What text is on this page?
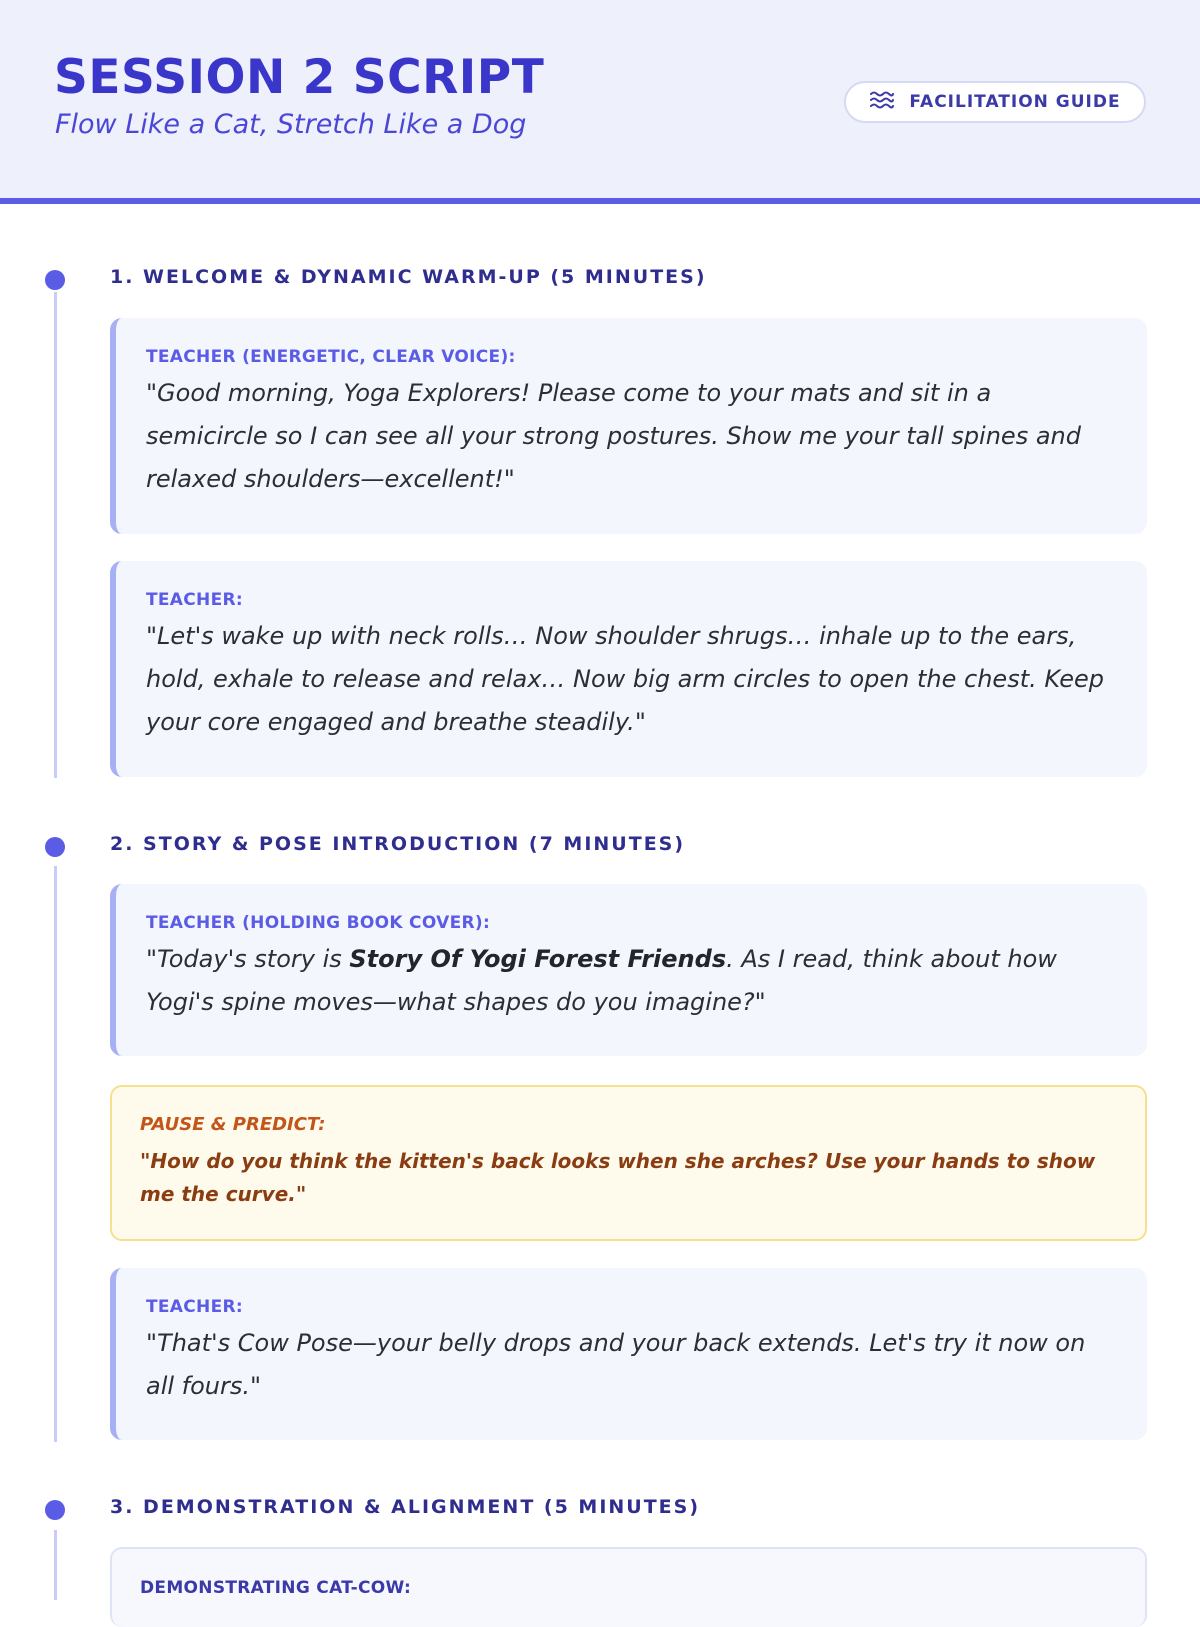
SESSION 2 SCRIPT
Flow Like a Cat, Stretch Like a Dog
FACILITATION GUIDE
1. WELCOME & DYNAMIC WARM-UP (5 MINUTES)
TEACHER (ENERGETIC, CLEAR VOICE):
"Good morning, Yoga Explorers! Please come to your mats and sit in a semicircle so I can see all your strong postures. Show me your tall spines and relaxed shoulders—excellent!"
TEACHER:
"Let's wake up with neck rolls… Now shoulder shrugs… inhale up to the ears, hold, exhale to release and relax… Now big arm circles to open the chest. Keep your core engaged and breathe steadily."
2. STORY & POSE INTRODUCTION (7 MINUTES)
TEACHER (HOLDING BOOK COVER):
"Today's story is Story Of Yogi Forest Friends. As I read, think about how Yogi's spine moves—what shapes do you imagine?"
PAUSE & PREDICT:
"How do you think the kitten's back looks when she arches? Use your hands to show me the curve."
TEACHER:
"That's Cow Pose—your belly drops and your back extends. Let's try it now on all fours."
3. DEMONSTRATION & ALIGNMENT (5 MINUTES)
DEMONSTRATING CAT-COW:
